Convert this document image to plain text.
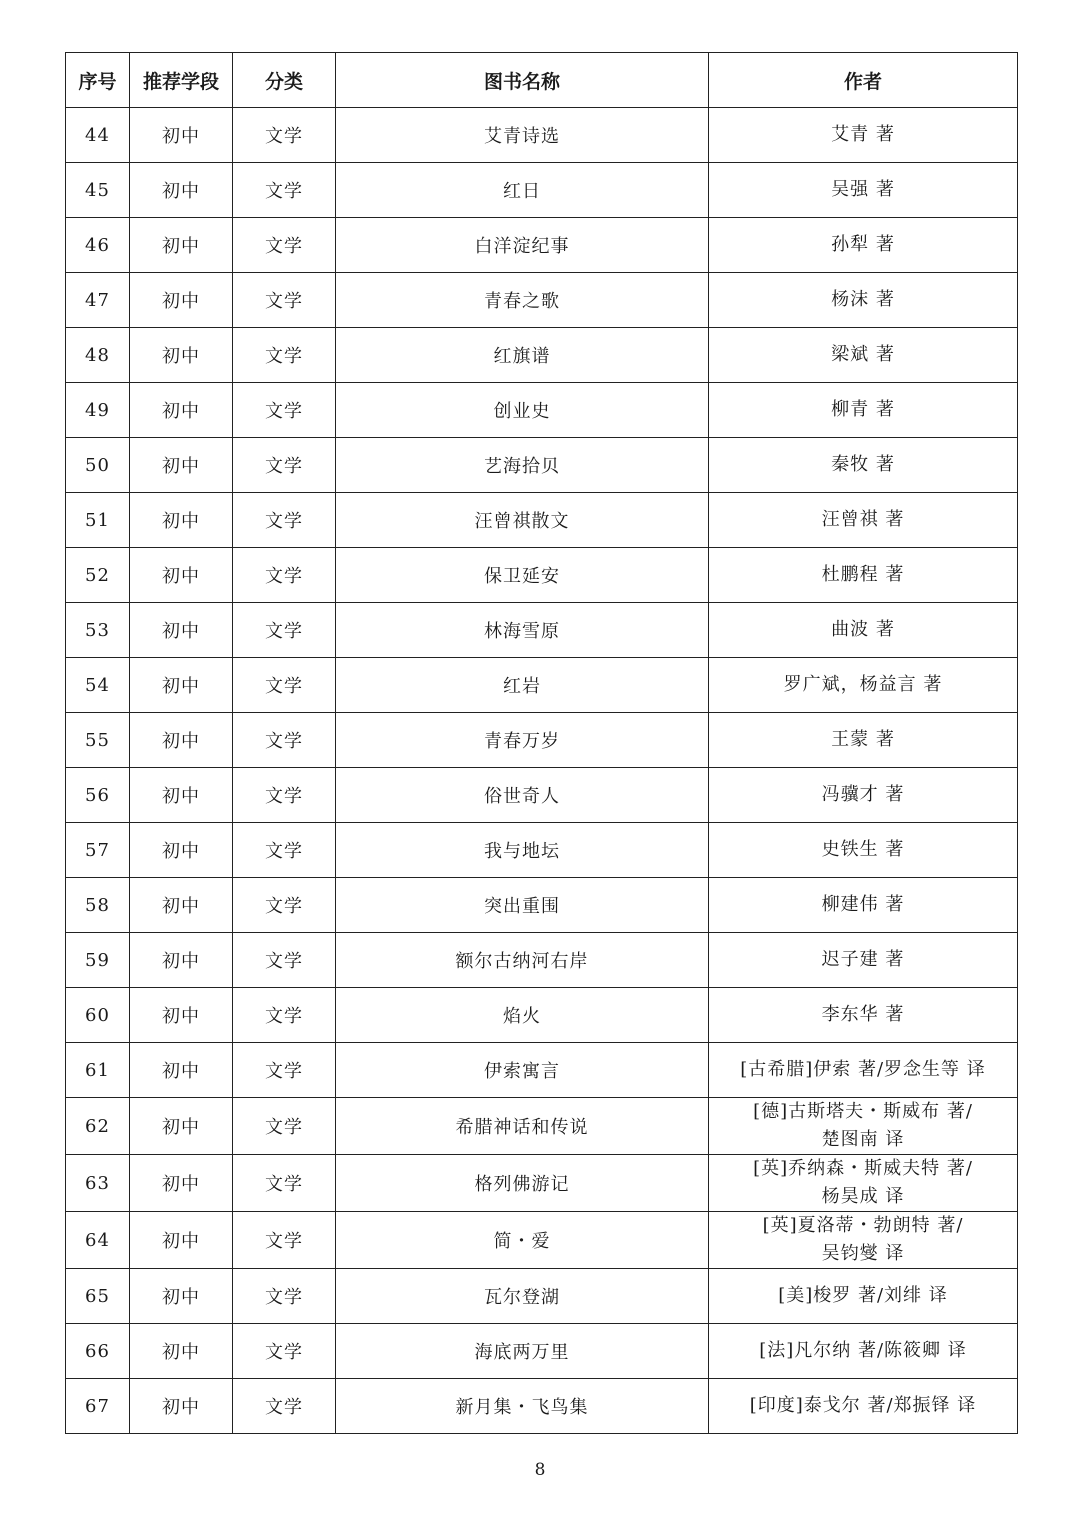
序号	推荐学段	分类	图书名称	作者
44	初中	文学	艾青诗选	艾青 著

45	初中	文学	红日	吴强 著

46	初中	文学	白洋淀纪事	孙犁 著

47	初中	文学	青春之歌	杨沫 著

48	初中	文学	红旗谱	梁斌 著

49	初中	文学	创业史	柳青 著

50	初中	文学	艺海拾贝	秦牧 著

51	初中	文学	汪曾祺散文	汪曾祺 著

52	初中	文学	保卫延安	杜鹏程 著

53	初中	文学	林海雪原	曲波 著

54	初中	文学	红岩	罗广斌，杨益言 著

55	初中	文学	青春万岁	王蒙 著

56	初中	文学	俗世奇人	冯骥才 著

57	初中	文学	我与地坛	史铁生 著

58	初中	文学	突出重围	柳建伟 著

59	初中	文学	额尔古纳河右岸	迟子建 著

60	初中	文学	焰火	李东华 著

61	初中	文学	伊索寓言	[古希腊]伊索 著/罗念生等 译

62	初中	文学	希腊神话和传说	[德]古斯塔夫・斯威布 著/
楚图南 译

63	初中	文学	格列佛游记	[英]乔纳森・斯威夫特 著/
杨昊成 译

64	初中	文学	简・爱	[英]夏洛蒂・勃朗特 著/
吴钧燮 译

65	初中	文学	瓦尔登湖	[美]梭罗 著/刘绯 译

66	初中	文学	海底两万里	[法]凡尔纳 著/陈筱卿 译

67	初中	文学	新月集・飞鸟集	[印度]泰戈尔 著/郑振铎 译
8
